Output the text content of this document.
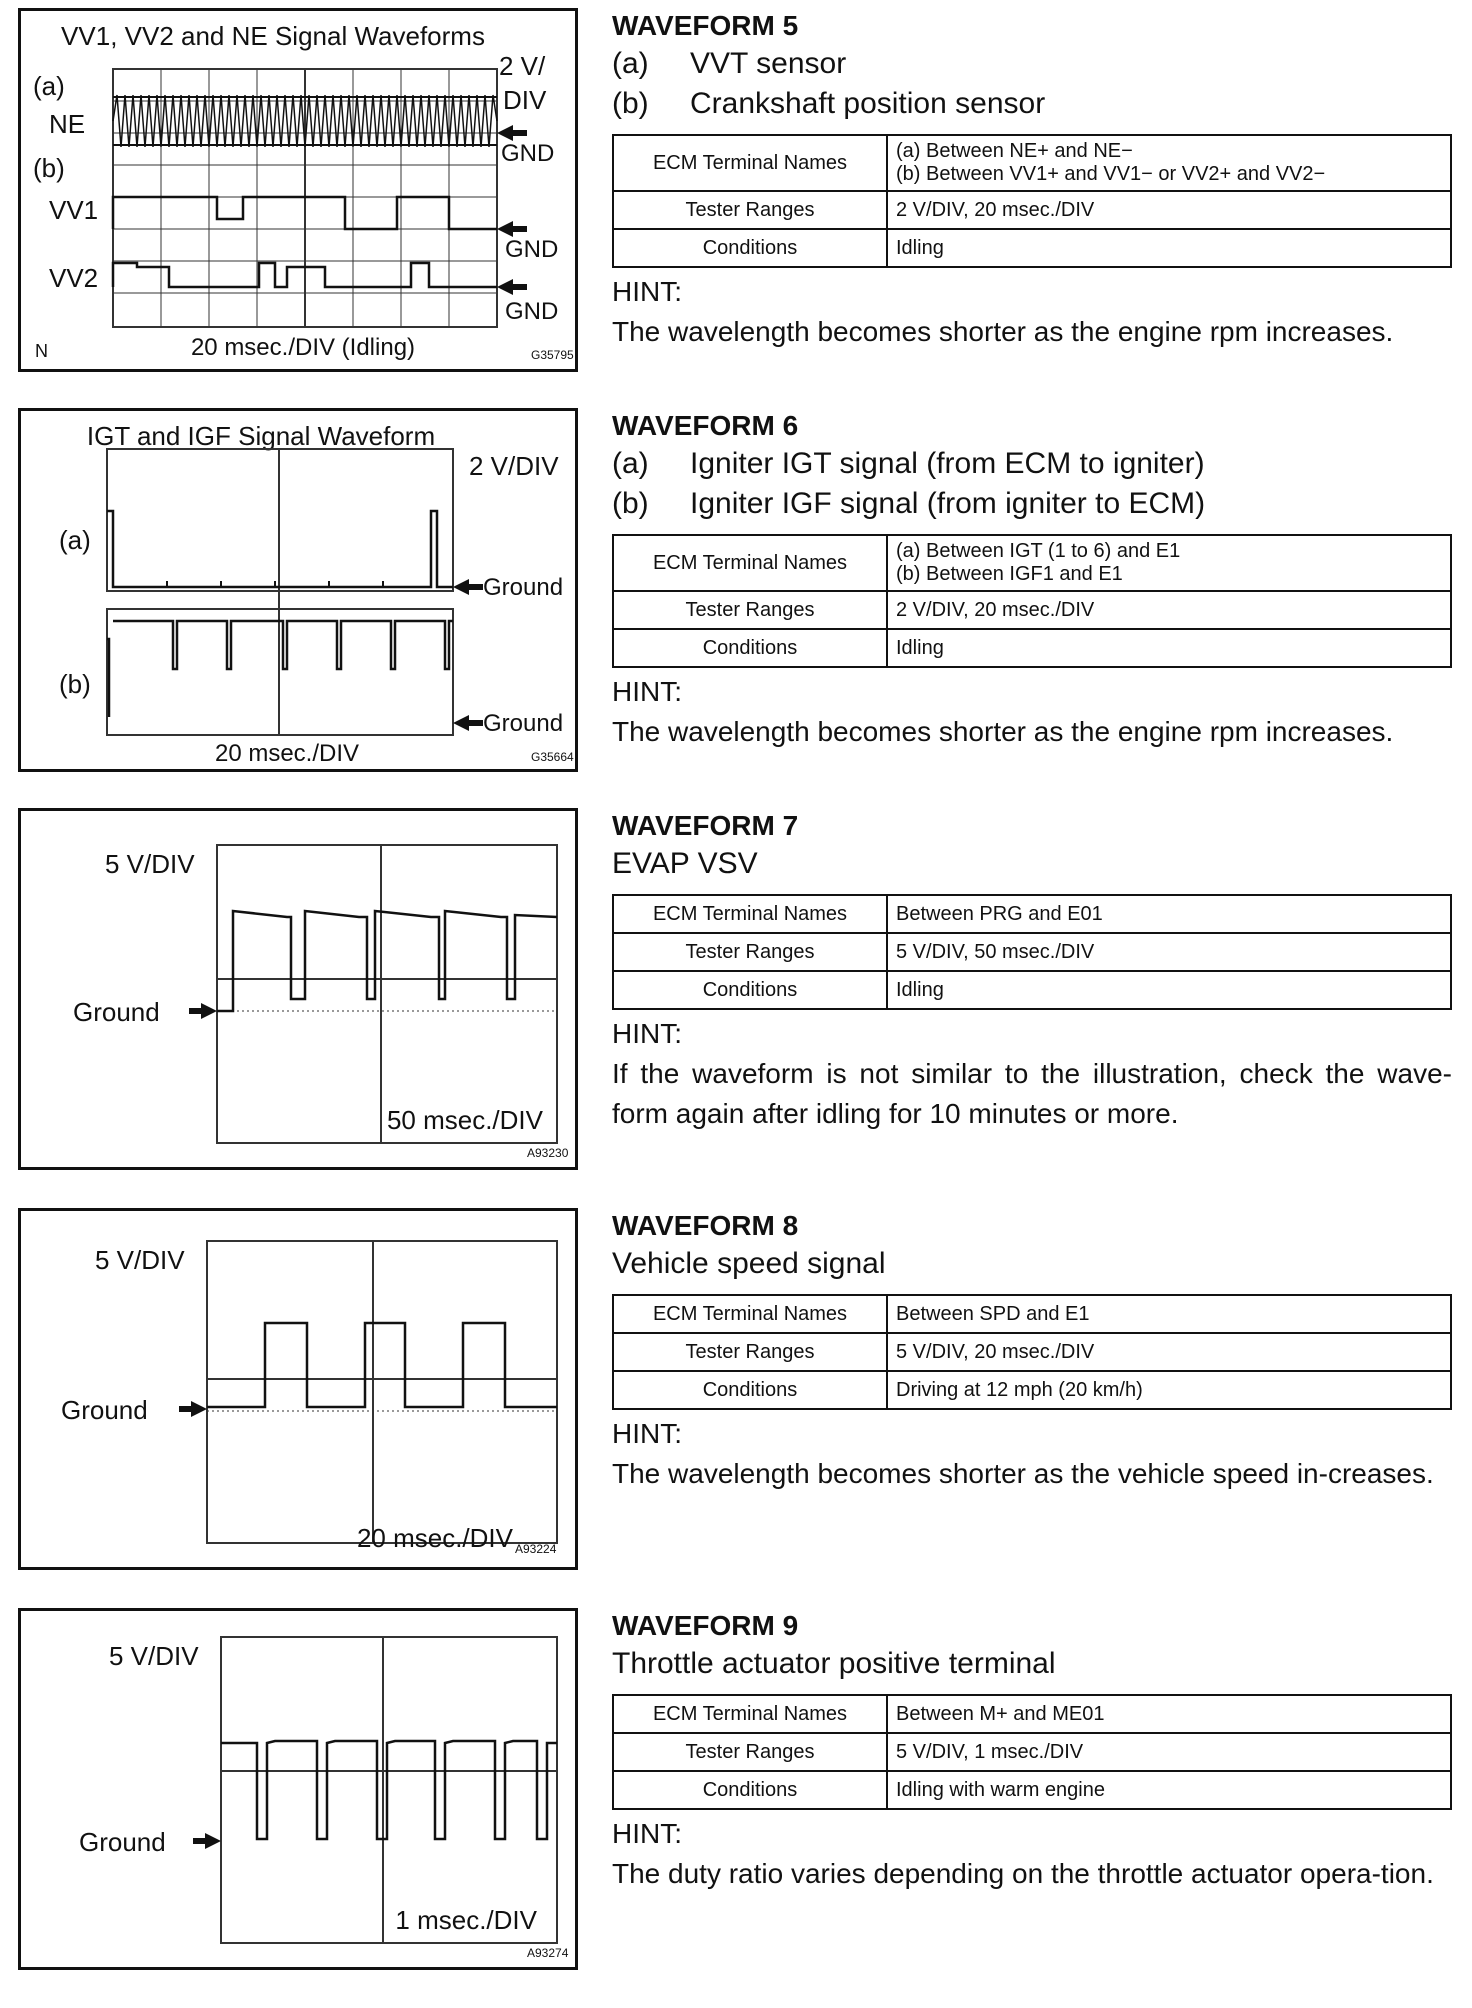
VV1, VV2 and NE Signal Waveforms
2 V/
DIV
(a)
NE
(b)
VV1
VV2
GND
GND
GND
N	20 msec./DIV (Idling)	G35795
WAVEFORM 5
(a) VVT sensor
(b) Crankshaft position sensor
ECM Terminal Names	(a) Between NE+ and NE−
(b) Between VV1+ and VV1− or VV2+ and VV2−

Tester Ranges	2 V/DIV, 20 msec./DIV
Conditions	Idling
HINT:
The wavelength becomes shorter as the engine rpm increases.
IGT and IGF Signal Waveform
2 V/DIV
(a)
(b)
Ground
Ground
20 msec./DIV	G35664
WAVEFORM 6
(a) Igniter IGT signal (from ECM to igniter)
(b) Igniter IGF signal (from igniter to ECM)
ECM Terminal Names	(a) Between IGT (1 to 6) and E1
(b) Between IGF1 and E1

Tester Ranges	2 V/DIV, 20 msec./DIV
Conditions	Idling
HINT:
The wavelength becomes shorter as the engine rpm increases.
5 V/DIV
Ground
50 msec./DIV
A93230
WAVEFORM 7
EVAP VSV
ECM Terminal Names	Between PRG and E01
Tester Ranges	5 V/DIV, 50 msec./DIV
Conditions	Idling
HINT:
If the waveform is not similar to the illustration, check the wave-form again after idling for 10 minutes or more.
5 V/DIV
Ground
20 msec./DIV A93224
WAVEFORM 8
Vehicle speed signal
ECM Terminal Names	Between SPD and E1
Tester Ranges	5 V/DIV, 20 msec./DIV
Conditions	Driving at 12 mph (20 km/h)
HINT:
The wavelength becomes shorter as the vehicle speed in-creases.
5 V/DIV
Ground
1 msec./DIV
A93274
WAVEFORM 9
Throttle actuator positive terminal
ECM Terminal Names	Between M+ and ME01
Tester Ranges	5 V/DIV, 1 msec./DIV
Conditions	Idling with warm engine
HINT:
The duty ratio varies depending on the throttle actuator opera-tion.
